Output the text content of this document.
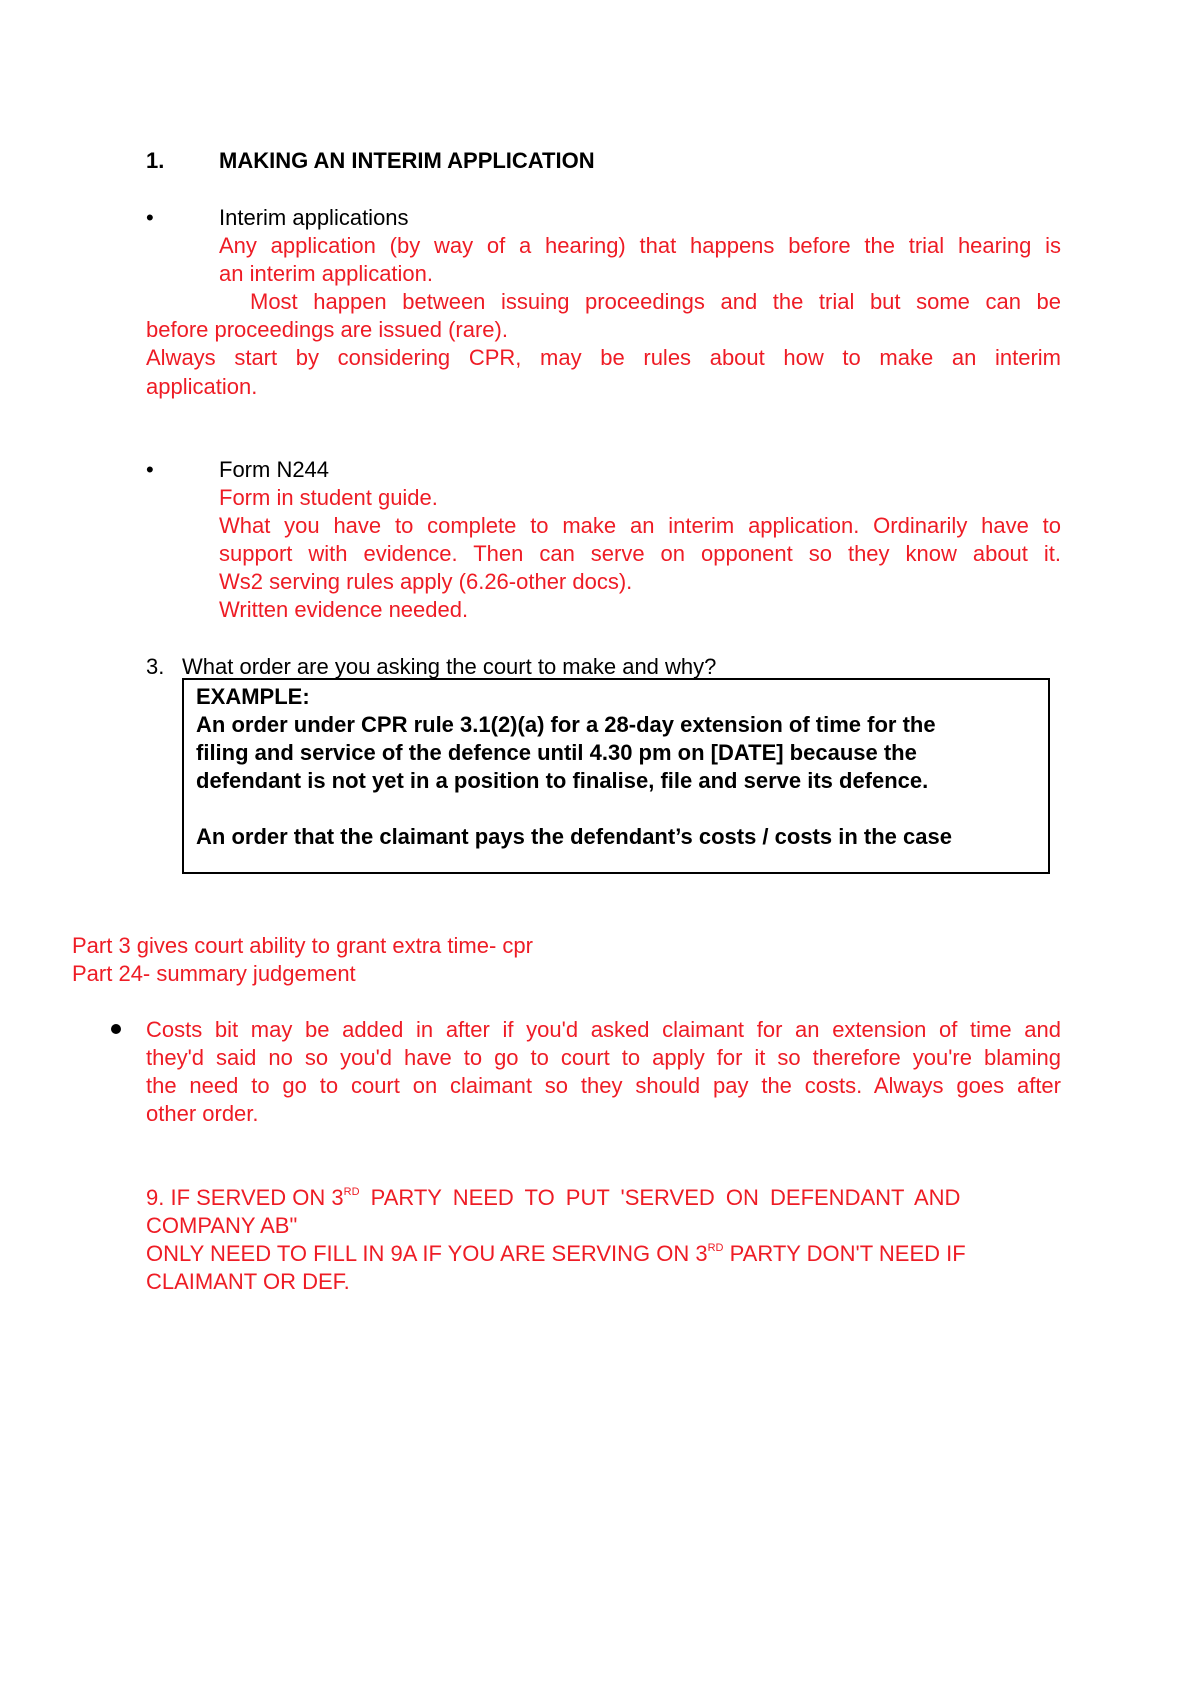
1. MAKING AN INTERIM APPLICATION
•	Interim applications
Any application (by way of a hearing) that happens before the trial hearing is
an interim application.
Most happen between issuing proceedings and the trial but some can be
before proceedings are issued (rare).
Always start by considering CPR, may be rules about how to make an interim
application.
•	Form N244
Form in student guide.
What you have to complete to make an interim application. Ordinarily have to
support with evidence. Then can serve on opponent so they know about it.
Ws2 serving rules apply (6.26-other docs).
Written evidence needed.
3. What order are you asking the court to make and why?
EXAMPLE:
An order under CPR rule 3.1(2)(a) for a 28-day extension of time for the
filing and service of the defence until 4.30 pm on [DATE] because the
defendant is not yet in a position to finalise, file and serve its defence.
An order that the claimant pays the defendant’s costs / costs in the case
Part 3 gives court ability to grant extra time- cpr
Part 24- summary judgement
Costs bit may be added in after if you'd asked claimant for an extension of time and
they'd said no so you'd have to go to court to apply for it so therefore you're blaming
the need to go to court on claimant so they should pay the costs. Always goes after
other order.
9. IF SERVED ON 3RD PARTY NEED TO PUT 'SERVED ON DEFENDANT AND
COMPANY AB"
ONLY NEED TO FILL IN 9A IF YOU ARE SERVING ON 3RD PARTY DON'T NEED IF
CLAIMANT OR DEF.
